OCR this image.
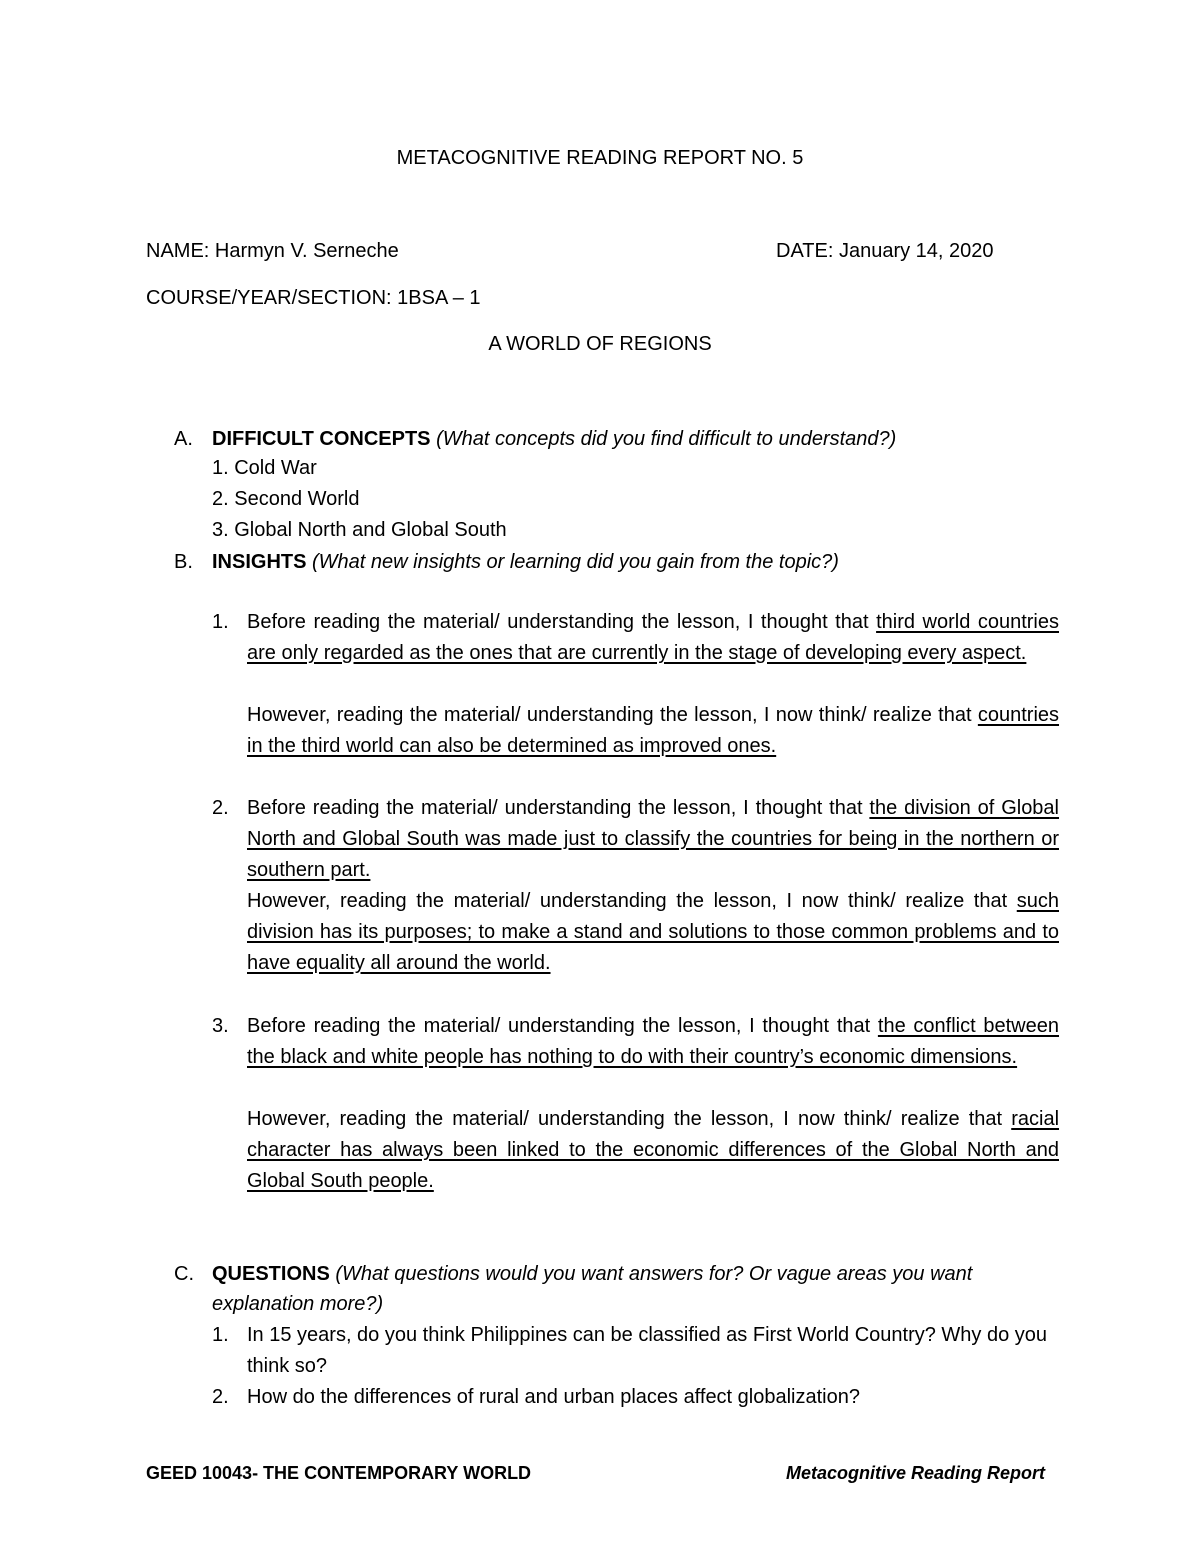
METACOGNITIVE READING REPORT NO. 5
NAME: Harmyn V. Serneche	DATE: January 14, 2020
COURSE/YEAR/SECTION: 1BSA – 1
A WORLD OF REGIONS
A. DIFFICULT CONCEPTS (What concepts did you find difficult to understand?)
1. Cold War
2. Second World
3. Global North and Global South
B. INSIGHTS (What new insights or learning did you gain from the topic?)
1. Before reading the material/ understanding the lesson, I thought that third world countries are only regarded as the ones that are currently in the stage of developing every aspect.
However, reading the material/ understanding the lesson, I now think/ realize that countries in the third world can also be determined as improved ones.
2. Before reading the material/ understanding the lesson, I thought that the division of Global North and Global South was made just to classify the countries for being in the northern or southern part.
However, reading the material/ understanding the lesson, I now think/ realize that such division has its purposes; to make a stand and solutions to those common problems and to have equality all around the world.
3. Before reading the material/ understanding the lesson, I thought that the conflict between the black and white people has nothing to do with their country’s economic dimensions.
However, reading the material/ understanding the lesson, I now think/ realize that racial character has always been linked to the economic differences of the Global North and Global South people.
C. QUESTIONS (What questions would you want answers for? Or vague areas you want
explanation more?)
1. In 15 years, do you think Philippines can be classified as First World Country? Why do you think so?
2. How do the differences of rural and urban places affect globalization?
GEED 10043- THE CONTEMPORARY WORLD	Metacognitive Reading Report
